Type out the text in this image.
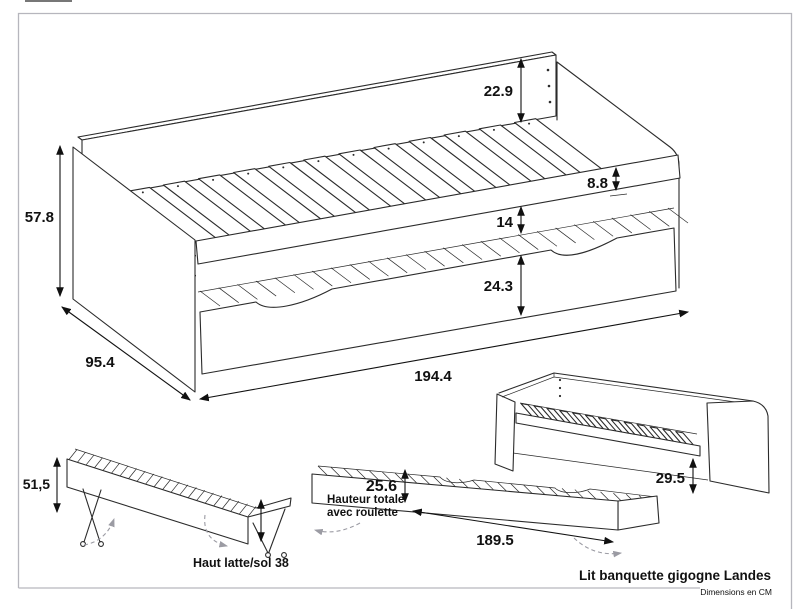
57.8
95.4
194.4
22.9
8.8
14
24.3
51,5
Haut latte/sol 38
25.6
Hauteur totale
avec roulette
189.5
29.5
Lit banquette gigogne Landes
Dimensions en CM
